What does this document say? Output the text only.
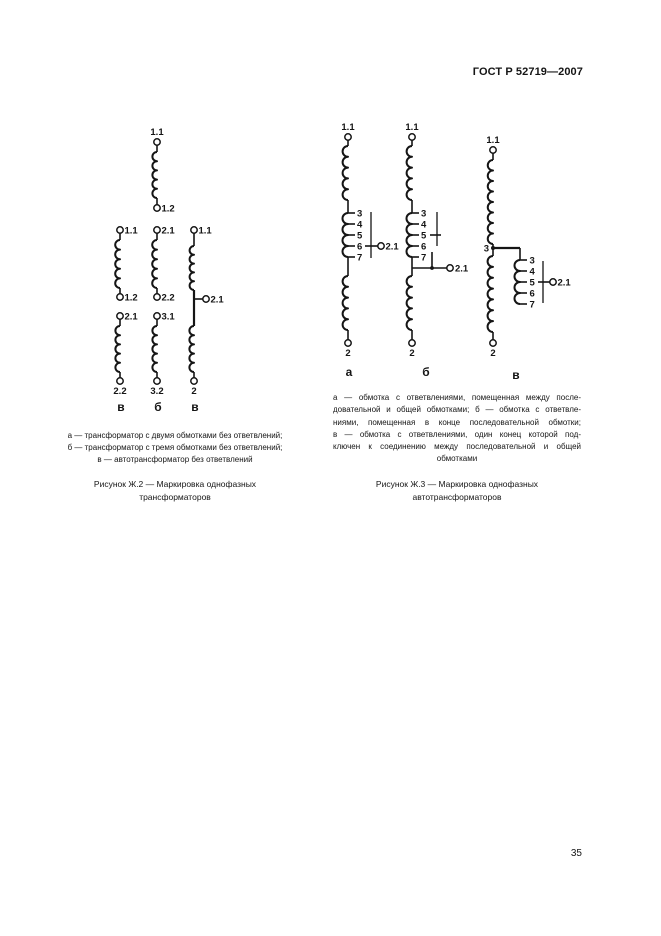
ГОСТ Р 52719—2007
1.1
1.2
1.1
1.2
2.1
2.2
в
2.1
2.2
3.1
3.2
б
1.1
2.1
2
в
1.1
3
4
5
6
7
2.1
2
а
1.1
3
4
5
6
7
2.1
2
б
1.1
3
3
4
5
6
7
2.1
2
в
а — трансформатор с двумя обмотками без ответвлений;
б — трансформатор с тремя обмотками без ответвлений;
в — автотрансформатор без ответвлений
Рисунок Ж.2 — Маркировка однофазных
трансформаторов
а — обмотка с ответвлениями, помещенная между после-
довательной и общей обмотками; б — обмотка с ответвле-
ниями, помещенная в конце последовательной обмотки;
в — обмотка с ответвлениями, один конец которой под-
ключен к соединению между последовательной и общей
обмотками
Рисунок Ж.3 — Маркировка однофазных
автотрансформаторов
35
